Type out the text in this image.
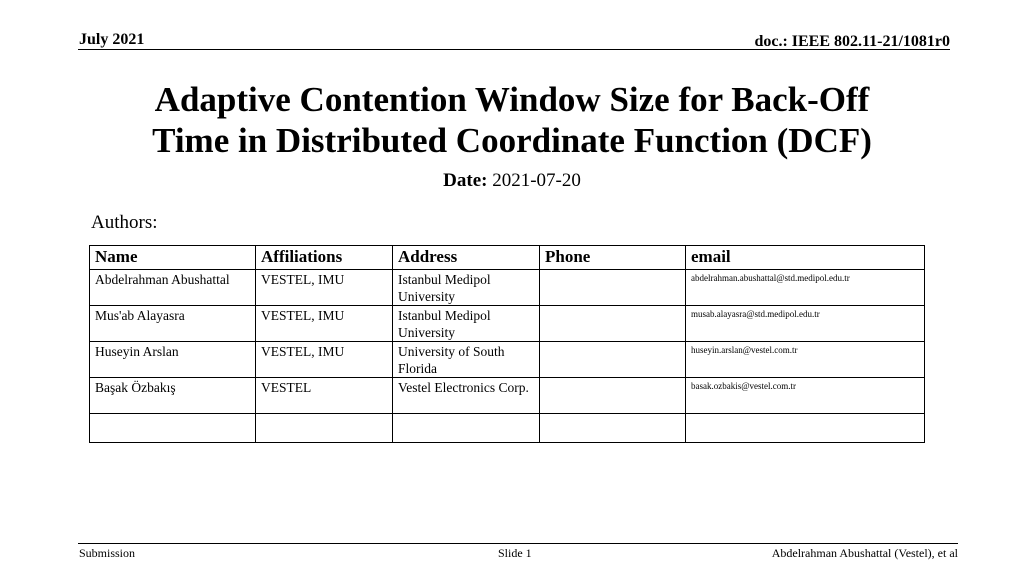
July 2021	doc.: IEEE 802.11-21/1081r0
Adaptive Contention Window Size for Back-Off
Time in Distributed Coordinate Function (DCF)
Date: 2021-07-20
Authors:
Name	Affiliations	Address	Phone	email
Abdelrahman Abushattal	VESTEL, IMU	Istanbul Medipol University		abdelrahman.abushattal@std.medipol.edu.tr
Mus'ab Alayasra	VESTEL, IMU	Istanbul Medipol University		musab.alayasra@std.medipol.edu.tr
Huseyin Arslan	VESTEL, IMU	University of South Florida		huseyin.arslan@vestel.com.tr
Başak Özbakış	VESTEL	Vestel Electronics Corp.		basak.ozbakis@vestel.com.tr

Submission	Slide 1	Abdelrahman Abushattal (Vestel), et al
